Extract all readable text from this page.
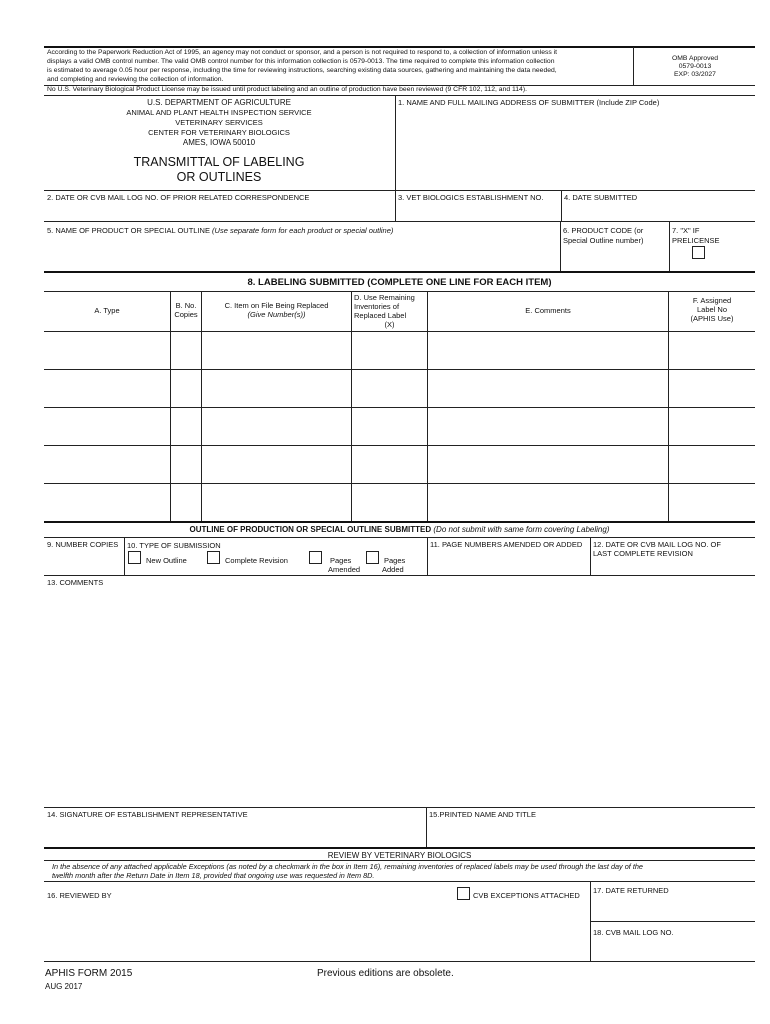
According to the Paperwork Reduction Act of 1995, an agency may not conduct or sponsor, and a person is not required to respond to, a collection of information unless it
displays a valid OMB control number. The valid OMB control number for this information collection is 0579-0013. The time required to complete this information collection
is estimated to average 0.05 hour per response, including the time for reviewing instructions, searching existing data sources, gathering and maintaining the data needed,
and completing and reviewing the collection of information.
OMB Approved
0579-0013
EXP: 03/2027
No U.S. Veterinary Biological Product License may be issued until product labeling and an outline of production have been reviewed (9 CFR 102, 112, and 114).
U.S. DEPARTMENT OF AGRICULTURE
ANIMAL AND PLANT HEALTH INSPECTION SERVICE
VETERINARY SERVICES
CENTER FOR VETERINARY BIOLOGICS
AMES, IOWA 50010
TRANSMITTAL OF LABELING
OR OUTLINES
1. NAME AND FULL MAILING ADDRESS OF SUBMITTER (Include ZIP Code)
2. DATE OR CVB MAIL LOG NO. OF PRIOR RELATED CORRESPONDENCE	3. VET BIOLOGICS ESTABLISHMENT NO.	4. DATE SUBMITTED
5. NAME OF PRODUCT OR SPECIAL OUTLINE (Use separate form for each product or special outline)	6. PRODUCT CODE (or
Special Outline number)
7. "X" IF
PRELICENSE
8. LABELING SUBMITTED (COMPLETE ONE LINE FOR EACH ITEM)
A. Type
B. No.
Copies
C. Item on File Being Replaced
(Give Number(s))
D. Use Remaining
Inventories of
Replaced Label
(X)
E. Comments
F. Assigned
Label No
(APHIS Use)
OUTLINE OF PRODUCTION OR SPECIAL OUTLINE SUBMITTED (Do not submit with same form covering Labeling)
9. NUMBER COPIES 10. TYPE OF SUBMISSION
New Outline	Complete Revision	Pages
Amended
Pages
Added
11. PAGE NUMBERS AMENDED OR ADDED 12. DATE OR CVB MAIL LOG NO. OF
LAST COMPLETE REVISION
13. COMMENTS
14. SIGNATURE OF ESTABLISHMENT REPRESENTATIVE	15.PRINTED NAME AND TITLE
REVIEW BY VETERINARY BIOLOGICS
In the absence of any attached applicable Exceptions (as noted by a checkmark in the box in Item 16), remaining inventories of replaced labels may be used through the last day of the
twelfth month after the Return Date in Item 18, provided that ongoing use was requested in Item 8D.
16. REVIEWED BY	CVB EXCEPTIONS ATTACHED
17. DATE RETURNED
18. CVB MAIL LOG NO.
APHIS FORM 2015
AUG 2017
Previous editions are obsolete.
